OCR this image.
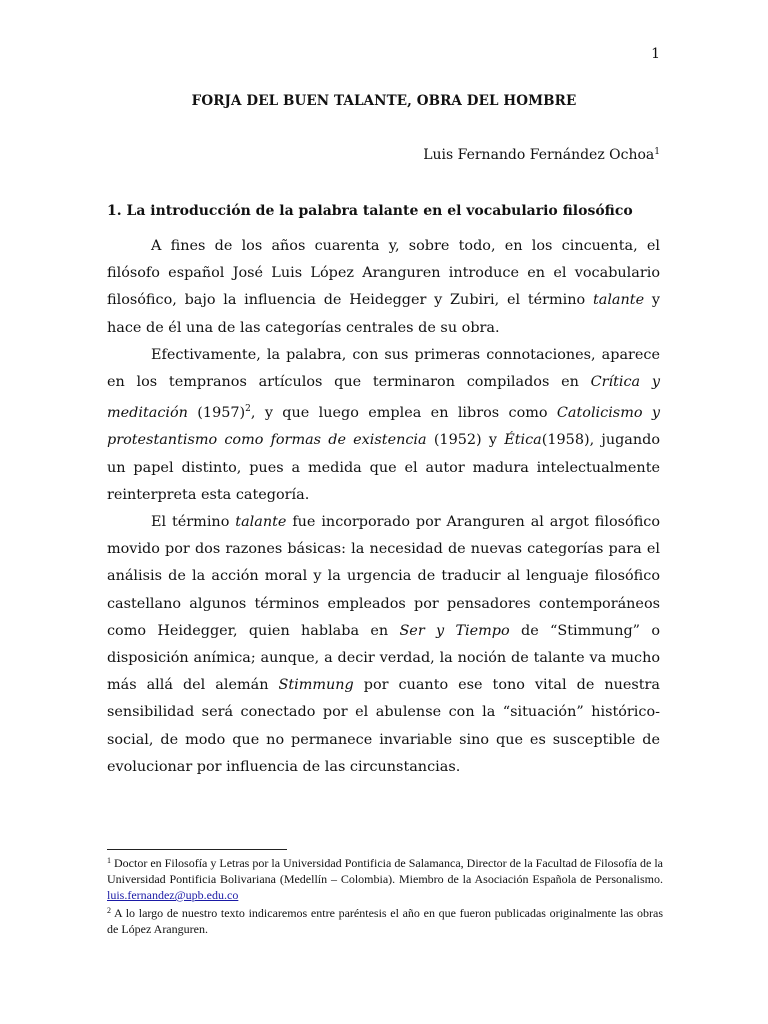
1
FORJA DEL BUEN TALANTE, OBRA DEL HOMBRE
Luis Fernando Fernández Ochoa$^1$
1. La introducción de la palabra talante en el vocabulario filosófico

A fines de los años cuarenta y, sobre todo, en los cincuenta, el filósofo español José Luis López Aranguren introduce en el vocabulario filosófico, bajo la influencia de Heidegger y Zubiri, el término talante y hace de él una de las categorías centrales de su obra.

Efectivamente, la palabra, con sus primeras connotaciones, aparece en los tempranos artículos que terminaron compilados en Crítica y meditación $(1957)^2$, y que luego emplea en libros como Catolicismo y protestantismo como formas de existencia (1952) y Ética(1958), jugando un papel distinto, pues a medida que el autor madura intelectualmente reinterpreta esta categoría.

El término talante fue incorporado por Aranguren al argot filosófico movido por dos razones básicas: la necesidad de nuevas categorías para el análisis de la acción moral y la urgencia de traducir al lenguaje filosófico castellano algunos términos empleados por pensadores contemporáneos como Heidegger, quien hablaba en Ser y Tiempo de “Stimmung” o disposición anímica; aunque, a decir verdad, la noción de talante va mucho más allá del alemán Stimmung por cuanto ese tono vital de nuestra sensibilidad será conectado por el abulense con la “situación” histórico-social, de modo que no permanece invariable sino que es susceptible de evolucionar por influencia de las circunstancias.

$^1$ Doctor en Filosofía y Letras por la Universidad Pontificia de Salamanca, Director de la Facultad de Filosofía de la Universidad Pontificia Bolivariana (Medellín – Colombia). Miembro de la Asociación Española de Personalismo. luis.fernandez@upb.edu.co

$^2$ A lo largo de nuestro texto indicaremos entre paréntesis el año en que fueron publicadas originalmente las obras de López Aranguren.
